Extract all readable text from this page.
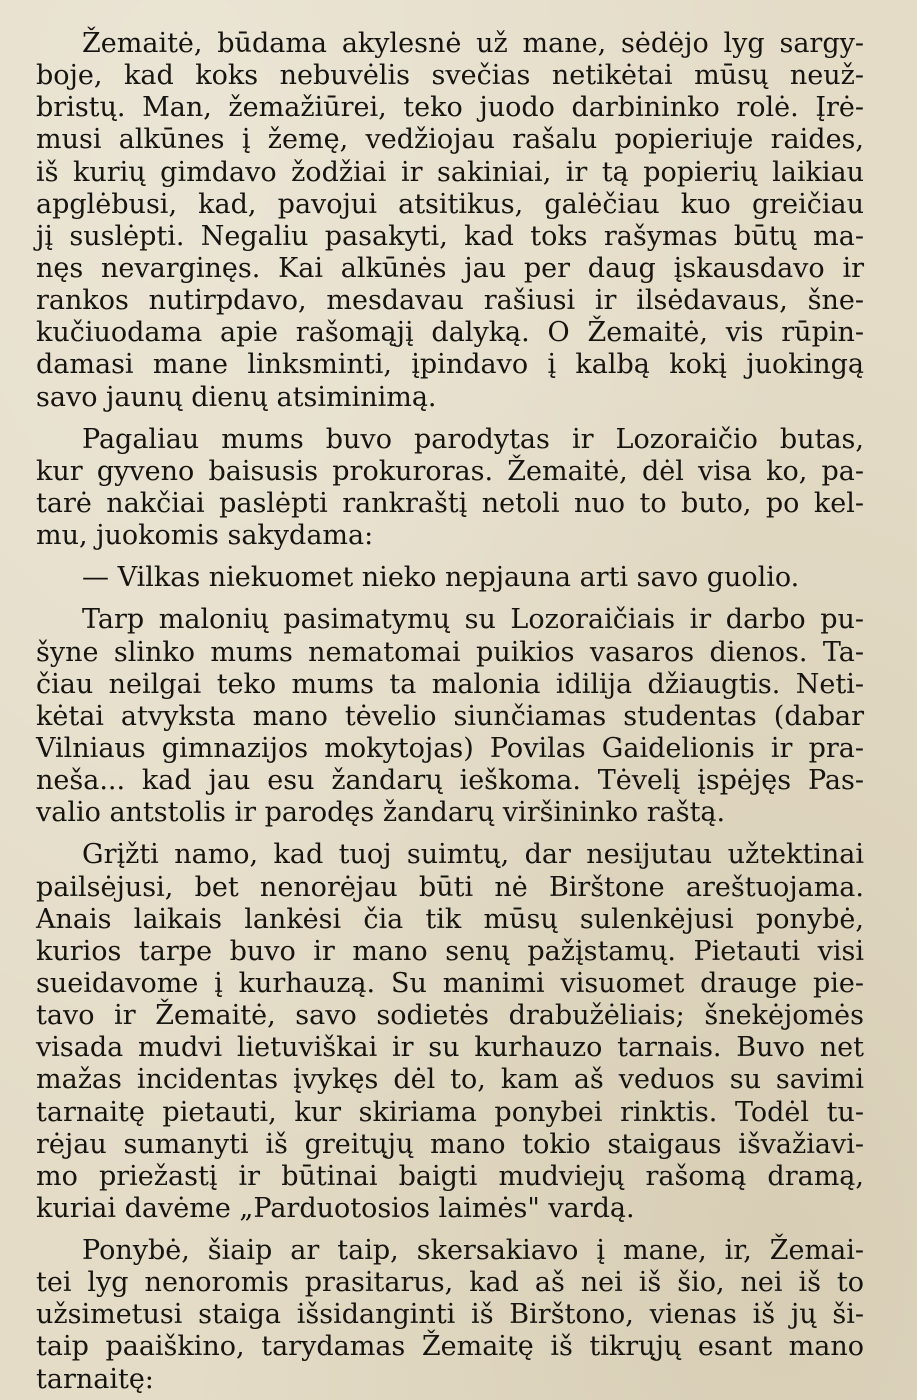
Žemaitė, būdama akylesnė už mane, sėdėjo lyg sargy-
boje, kad koks nebuvėlis svečias netikėtai mūsų neuž-
bristų. Man, žemažiūrei, teko juodo darbininko rolė. Įrė-
musi alkūnes į žemę, vedžiojau rašalu popieriuje raides,
iš kurių gimdavo žodžiai ir sakiniai, ir tą popierių laikiau
apglėbusi, kad, pavojui atsitikus, galėčiau kuo greičiau
jį suslėpti. Negaliu pasakyti, kad toks rašymas būtų ma-
nęs nevarginęs. Kai alkūnės jau per daug įskausdavo ir
rankos nutirpdavo, mesdavau rašiusi ir ilsėdavaus, šne-
kučiuodama apie rašomąjį dalyką. O Žemaitė, vis rūpin-
damasi mane linksminti, įpindavo į kalbą kokį juokingą
savo jaunų dienų atsiminimą.
Pagaliau mums buvo parodytas ir Lozoraičio butas,
kur gyveno baisusis prokuroras. Žemaitė, dėl visa ko, pa-
tarė nakčiai paslėpti rankraštį netoli nuo to buto, po kel-
mu, juokomis sakydama:
— Vilkas niekuomet nieko nepjauna arti savo guolio.
Tarp malonių pasimatymų su Lozoraičiais ir darbo pu-
šyne slinko mums nematomai puikios vasaros dienos. Ta-
čiau neilgai teko mums ta malonia idilija džiaugtis. Neti-
kėtai atvyksta mano tėvelio siunčiamas studentas (dabar
Vilniaus gimnazijos mokytojas) Povilas Gaidelionis ir pra-
neša... kad jau esu žandarų ieškoma. Tėvelį įspėjęs Pas-
valio antstolis ir parodęs žandarų viršininko raštą.
Grįžti namo, kad tuoj suimtų, dar nesijutau užtektinai
pailsėjusi, bet nenorėjau būti nė Birštone areštuojama.
Anais laikais lankėsi čia tik mūsų sulenkėjusi ponybė,
kurios tarpe buvo ir mano senų pažįstamų. Pietauti visi
sueidavome į kurhauzą. Su manimi visuomet drauge pie-
tavo ir Žemaitė, savo sodietės drabužėliais; šnekėjomės
visada mudvi lietuviškai ir su kurhauzo tarnais. Buvo net
mažas incidentas įvykęs dėl to, kam aš veduos su savimi
tarnaitę pietauti, kur skiriama ponybei rinktis. Todėl tu-
rėjau sumanyti iš greitųjų mano tokio staigaus išvažiavi-
mo priežastį ir būtinai baigti mudviejų rašomą dramą,
kuriai davėme „Parduotosios laimės" vardą.
Ponybė, šiaip ar taip, skersakiavo į mane, ir, Žemai-
tei lyg nenoromis prasitarus, kad aš nei iš šio, nei iš to
užsimetusi staiga išsidanginti iš Birštono, vienas iš jų ši-
taip paaiškino, tarydamas Žemaitę iš tikrųjų esant mano
tarnaitę:
